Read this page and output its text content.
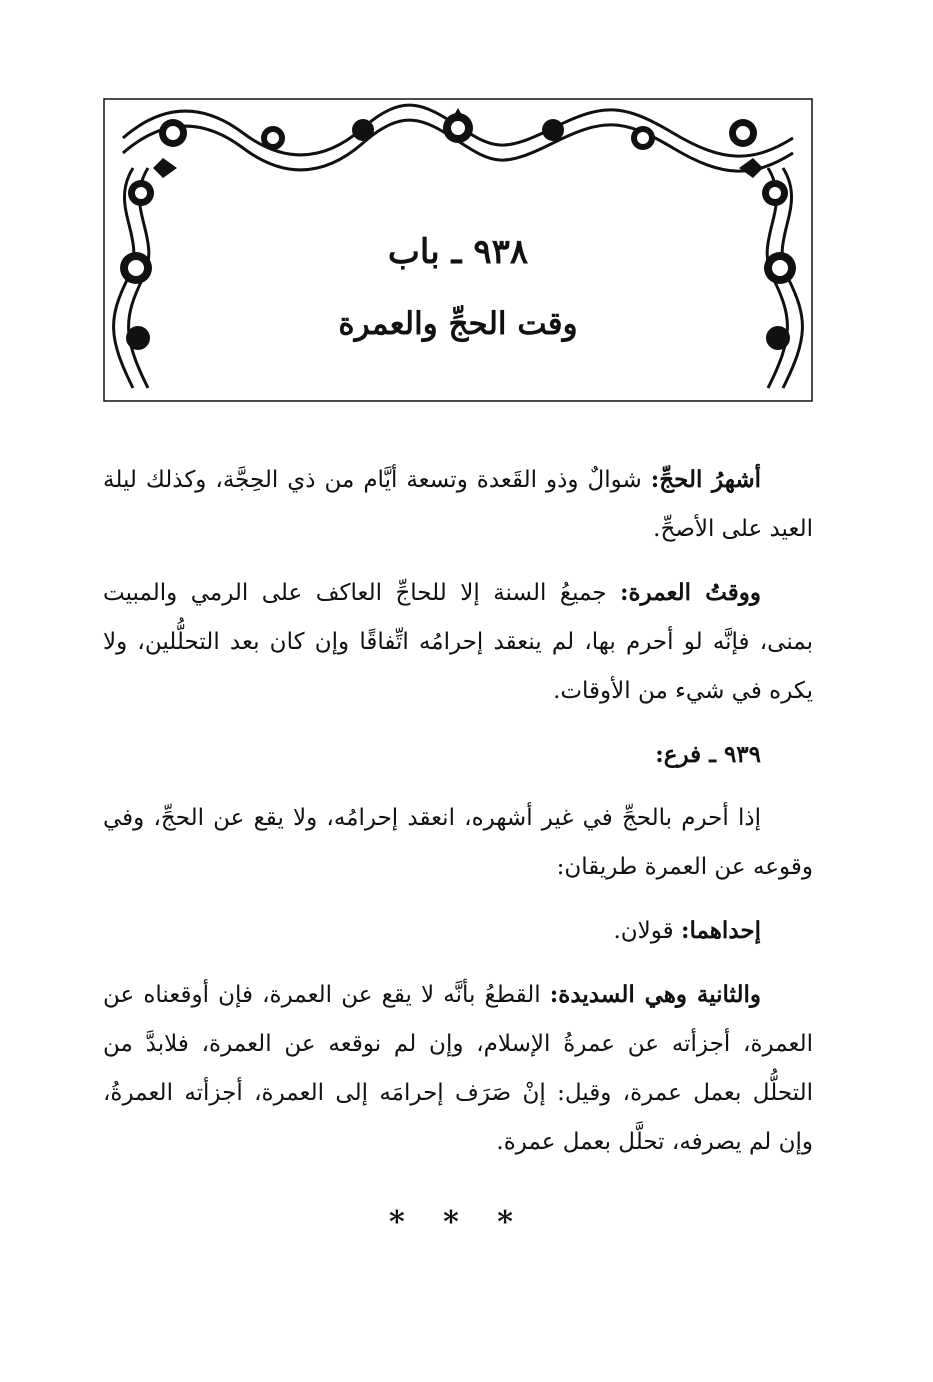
٩٣٨ ـ باب
وقت الحجِّ والعمرة

أشهرُ الحجِّ: شوالٌ وذو القَعدة وتسعة أيَّام من ذي الحِجَّة، وكذلك ليلة العيد على الأصحِّ.

ووقتُ العمرة: جميعُ السنة إلا للحاجِّ العاكف على الرمي والمبيت بمنى، فإنَّه لو أحرم بها، لم ينعقد إحرامُه اتِّفاقًا وإن كان بعد التحلُّلين، ولا يكره في شيء من الأوقات.

٩٣٩ ـ فرع:

إذا أحرم بالحجِّ في غير أشهره، انعقد إحرامُه، ولا يقع عن الحجِّ، وفي وقوعه عن العمرة طريقان:

إحداهما: قولان.

والثانية وهي السديدة: القطعُ بأنَّه لا يقع عن العمرة، فإن أوقعناه عن العمرة، أجزأته عن عمرةُ الإسلام، وإن لم نوقعه عن العمرة، فلابدَّ من التحلُّل بعمل عمرة، وقيل: إنْ صَرَف إحرامَه إلى العمرة، أجزأته العمرةُ، وإن لم يصرفه، تحلَّل بعمل عمرة.

* * *
